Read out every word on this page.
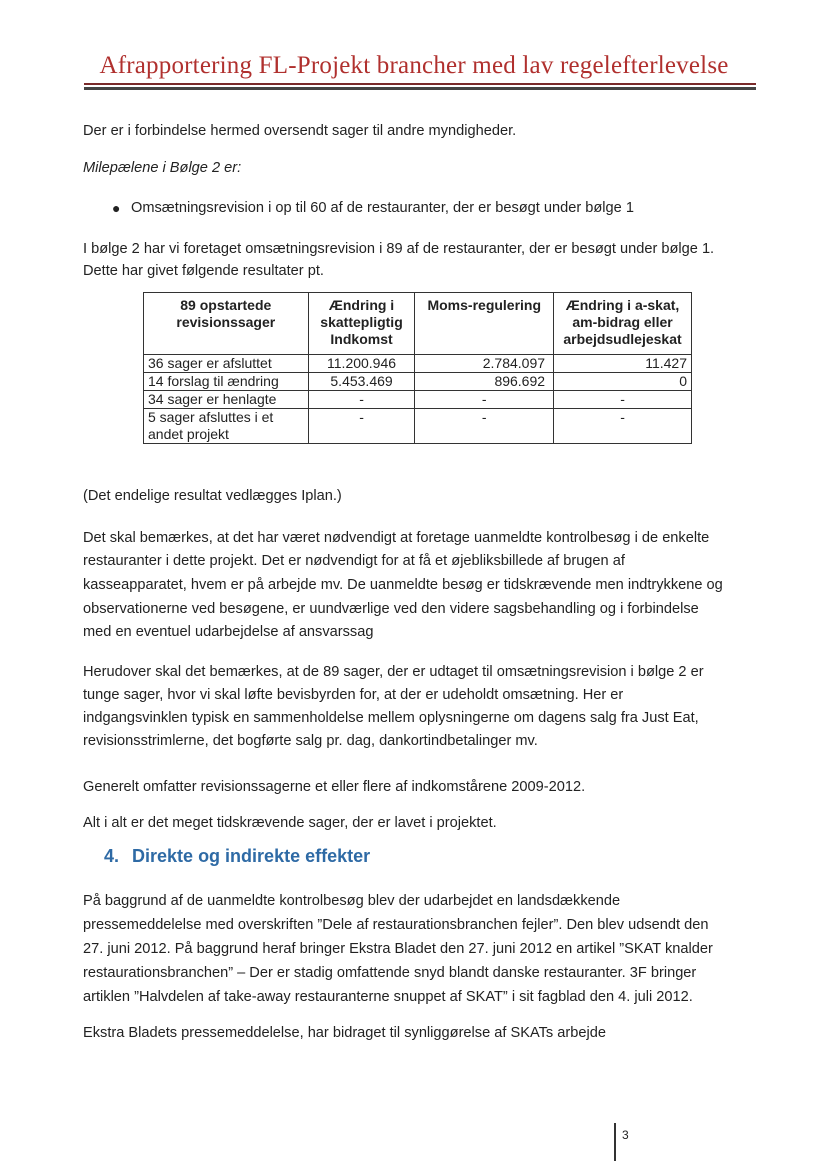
Afrapportering FL-Projekt brancher med lav regelefterlevelse
Der er i forbindelse hermed oversendt sager til andre myndigheder.
Milepælene i Bølge 2 er:
● Omsætningsrevision i op til 60 af de restauranter, der er besøgt under bølge 1
I bølge 2 har vi foretaget omsætningsrevision i 89 af de restauranter, der er besøgt under bølge 1.
Dette har givet følgende resultater pt.
89 opstartede revisionssager	Ændring i skattepligtig Indkomst	Moms-regulering	Ændring i a-skat, am-bidrag eller arbejdsudlejeskat
36 sager er afsluttet	11.200.946	2.784.097	11.427
14 forslag til ændring	5.453.469	896.692	0
34 sager er henlagte	-	-	-
5 sager afsluttes i et andet projekt	-	-	-
(Det endelige resultat vedlægges Iplan.)
Det skal bemærkes, at det har været nødvendigt at foretage uanmeldte kontrolbesøg i de enkelte
restauranter i dette projekt. Det er nødvendigt for at få et øjebliksbillede af brugen af
kasseapparatet, hvem er på arbejde mv. De uanmeldte besøg er tidskrævende men indtrykkene og
observationerne ved besøgene, er uundværlige ved den videre sagsbehandling og i forbindelse
med en eventuel udarbejdelse af ansvarssag
Herudover skal det bemærkes, at de 89 sager, der er udtaget til omsætningsrevision i bølge 2 er
tunge sager, hvor vi skal løfte bevisbyrden for, at der er udeholdt omsætning. Her er
indgangsvinklen typisk en sammenholdelse mellem oplysningerne om dagens salg fra Just Eat,
revisionsstrimlerne, det bogførte salg pr. dag, dankortindbetalinger mv.
Generelt omfatter revisionssagerne et eller flere af indkomstårene 2009-2012.
Alt i alt er det meget tidskrævende sager, der er lavet i projektet.
4. Direkte og indirekte effekter
På baggrund af de uanmeldte kontrolbesøg blev der udarbejdet en landsdækkende
pressemeddelelse med overskriften ”Dele af restaurationsbranchen fejler”. Den blev udsendt den
27. juni 2012. På baggrund heraf bringer Ekstra Bladet den 27. juni 2012 en artikel ”SKAT knalder
restaurationsbranchen” – Der er stadig omfattende snyd blandt danske restauranter. 3F bringer
artiklen ”Halvdelen af take-away restauranterne snuppet af SKAT” i sit fagblad den 4. juli 2012.
Ekstra Bladets pressemeddelelse, har bidraget til synliggørelse af SKATs arbejde
3
